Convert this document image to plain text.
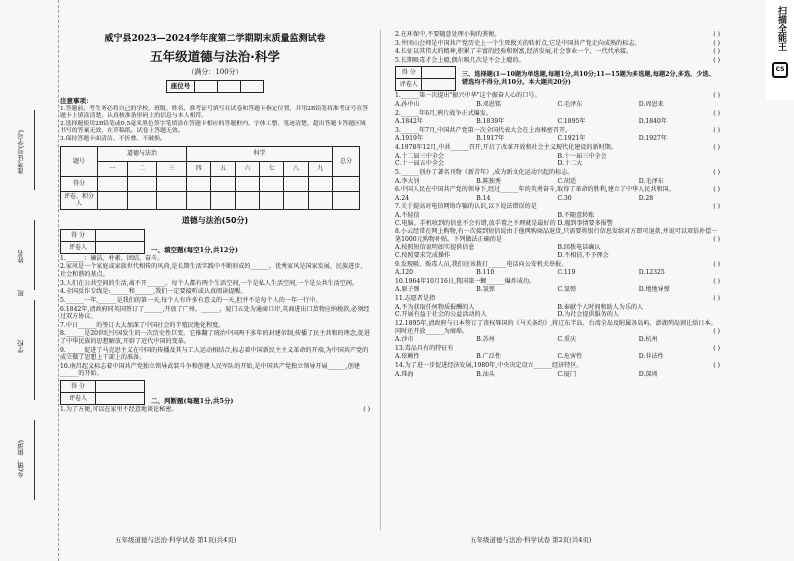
准考证号(学号)
姓名
班
学校
乡(镇、街道)
威宁县2023—2024学年度第二学期期末质量监测试卷
五年级道德与法治·科学
（满分：100分）
座位号			
注意事项：
1.答题前，考生务必将自己的学校、班级、姓名、准考证号填写在试卷和答题卡指定位置，并用2B铅笔将准考证号在答题卡上填涂清楚，认真核准条形码上的信息与本人相符。
2.选择题使用2B铅笔或0.5毫米黑色签字笔填涂在答题卡相应的答题框内，字体工整、笔迹清楚，超出答题卡答题区域书写的答案无效，在草稿纸、试卷上答题无效。
3.保持答题卡面清洁、不折叠、不破损。
题号	道德与法治			科学						总分
	一	二	三	四	五	六	七	八	九	
得分										
评卷、积分人										
道德与法治(50分)
得 分	
评卷人		一、填空题(每空1分,共12分)
1.______：廉洁、朴素、团结、奋斗。
2.家风是一个家庭或家族世代相传的风尚,是长期生活实践中不断形成的______。优秀家风是国家发展、民族进步、社会和谐的基点。
3.人们在公共空间的生活,离不开______。每个人都有两个生活空间,一个是私人生活空间,一个是公共生活空间。
4.全国反诈专线是:______和______,我们一定要接听或认真阅读提醒。
5.______一年,______是我们的第一天,每个人有许多有意义的一天,但并不是每个人的一年一行中。
6.1842年,清政府同英国签订了______,开放了广州、______、厦门五处为通商口岸,英商进出口货物应纳税款,必须经过双方协议。
7.中日______的签订大大加深了中国社会的半殖民地化程度。
8.______是20世纪中国发生的一次历史性巨变。它推翻了统治中国两千多年的封建帝制,传播了民主共和的理念,促进了中华民族的思想解放,开辟了近代中国的变革。
9.______促进了马克思主义在中国的传播及其与工人运动相结合,标志着中国新民主主义革命的开端,为中国共产党的成立做了思想上干部上的准备。
10.南昌起义标志着中国共产党独立领导武装斗争和创建人民军队的开始,是中国共产党独立领导开展______,创建______的开始。
得 分	
评卷人		二、判断题(每题1分,共5分)
1.为了方便,可以在家里不经意地谈论秘密。	( )
2.在环保中,不要随意处理小狗的粪便。	( )
3.井冈山会师是中国共产党历史上一个生死攸关的转折点,它是中国共产党走向成熟的标志。	( )
4.长征以其伟大的精神,积累了丰富的经验和财富,经济发展,社会事业一个、一代代承接。	( )
5.长期吸毒才会上瘾,偶尔吸几次是不会上瘾的。	( )
得 分	
评卷人	
三、选择题(1—10题为单选题,每题1分,共10分;11—15题为多选题,每题2分,多选、少选、错选均不得分,共10分。本大题共20分)
1.______第一次提出"振兴中华"这个振奋人心的口号。	( )
A.孙中山	B.邓恩铭	C.毛泽东	D.周恩来
2.______年6月,鸦片战争正式爆发。	( )
A.1842年	B.1839年	C.1895年	D.1840年
3.______年7月,中国共产党第一次全国代表大会在上海秘密召开。	( )
A.1919年	B.1917年	C.1921年	D.1927年
4.1978年12月,中共______召开,开启了改革开放和社会主义现代化建设的新时期。	( )
A.十二届三中全会	B.十一届三中全会
C.十一届五中全会	D.十二大
5.______创办了著名刊物《新青年》,成为新文化运动兴起的标志。	( )
A.李大钊	B.陈独秀	C.胡适	D.毛泽东
6.中国人民在中国共产党的领导下,经过______年的英勇奋斗,取得了革命的胜利,建立了中华人民共和国。	( )
A.24	B.14	C.30	D.28
7.关于提高对电信网络诈骗的认识,以下说法错误的是	( )
A.不轻信	B.不随意转账
C.电脑、手机收到的信息不会有错,放手置之不理就是最好的 D.遇到事情要多报警
8.小云经常在网上购物,有一次接到短信说由于他网购商品退货,只需要将银行信息发给对方即可退款,并说可以双倍补偿一笔1000元购物补贴。下列做法正确的是	( )
A.按照短信说明如实提供信息	B.回拨电话确认
C.按照要求完成操作	D.不相信,不予理会
9.发现吸、贩毒人员,我们应该拨打______电话向公安机关举报。	( )
A.120	B.110	C.119	D.12325
10.1964年10月16日,我国第一颗______爆炸成功。	( )
A.原子弹	B.氢弹	C.氢弹	D.地地导弹
11.志愿者是指	( )
A.不为获取任何物质报酬的人	B.奉献个人时间和助人为乐的人
C.开展有益于社会的公益活动的人	D.为社会提供服务的人
12.1895年,清政府与日本签订了丧权辱国的《马关条约》,将辽东半岛、台湾全岛及附属各岛屿、澎湖列岛割让给日本。同时还开放______为商埠。	( )
A.沙市	B.苏州	C.重庆	D.杭州
13.毒品具有的特征有	( )
A.依赖性	B.广泛性	C.危害性	D.非法性
14.为了进一步促进经济发展,1980年,中央决定设立______经济特区。	( )
A.珠海	B.汕头	C.厦门	D.深圳
五年级道德与法治·科学试卷 第1页(共4页)	五年级道德与法治·科学试卷 第2页(共4页)
扫描全能王
CS
